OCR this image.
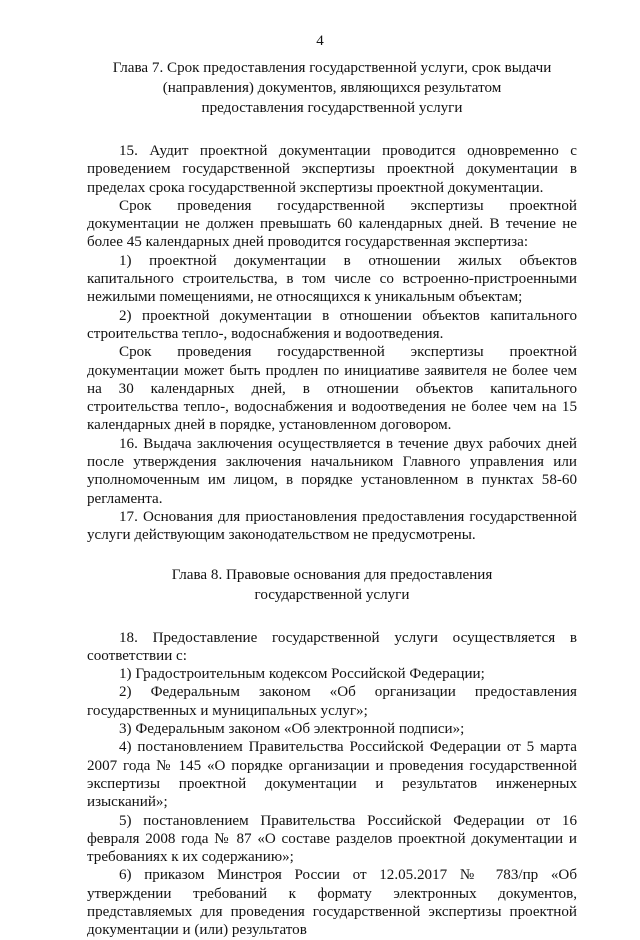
4
Глава 7. Срок предоставления государственной услуги, срок выдачи
(направления) документов, являющихся результатом
предоставления государственной услуги

15. Аудит проектной документации проводится одновременно с проведением государственной экспертизы проектной документации в пределах срока государственной экспертизы проектной документации.

Срок проведения государственной экспертизы проектной документации не должен превышать 60 календарных дней. В течение не более 45 календарных дней проводится государственная экспертиза:

1) проектной документации в отношении жилых объектов капитального строительства, в том числе со встроенно-пристроенными нежилыми помещениями, не относящихся к уникальным объектам;

2) проектной документации в отношении объектов капитального строительства тепло-, водоснабжения и водоотведения.

Срок проведения государственной экспертизы проектной документации может быть продлен по инициативе заявителя не более чем на 30 календарных дней, в отношении объектов капитального строительства тепло-, водоснабжения и водоотведения не более чем на 15 календарных дней в порядке, установленном договором.

16. Выдача заключения осуществляется в течение двух рабочих дней после утверждения заключения начальником Главного управления или уполномоченным им лицом, в порядке установленном в пунктах 58-60 регламента.

17. Основания для приостановления предоставления государственной услуги действующим законодательством не предусмотрены.

Глава 8. Правовые основания для предоставления
государственной услуги

18. Предоставление государственной услуги осуществляется в соответствии с:

1) Градостроительным кодексом Российской Федерации;

2) Федеральным законом «Об организации предоставления государственных и муниципальных услуг»;

3) Федеральным законом «Об электронной подписи»;

4) постановлением Правительства Российской Федерации от 5 марта 2007 года № 145 «О порядке организации и проведения государственной экспертизы проектной документации и результатов инженерных изысканий»;

5) постановлением Правительства Российской Федерации от 16 февраля 2008 года № 87 «О составе разделов проектной документации и требованиях к их содержанию»;

6) приказом Минстроя России от 12.05.2017 № 783/пр «Об утверждении требований к формату электронных документов, представляемых для проведения государственной экспертизы проектной документации и (или) результатов
